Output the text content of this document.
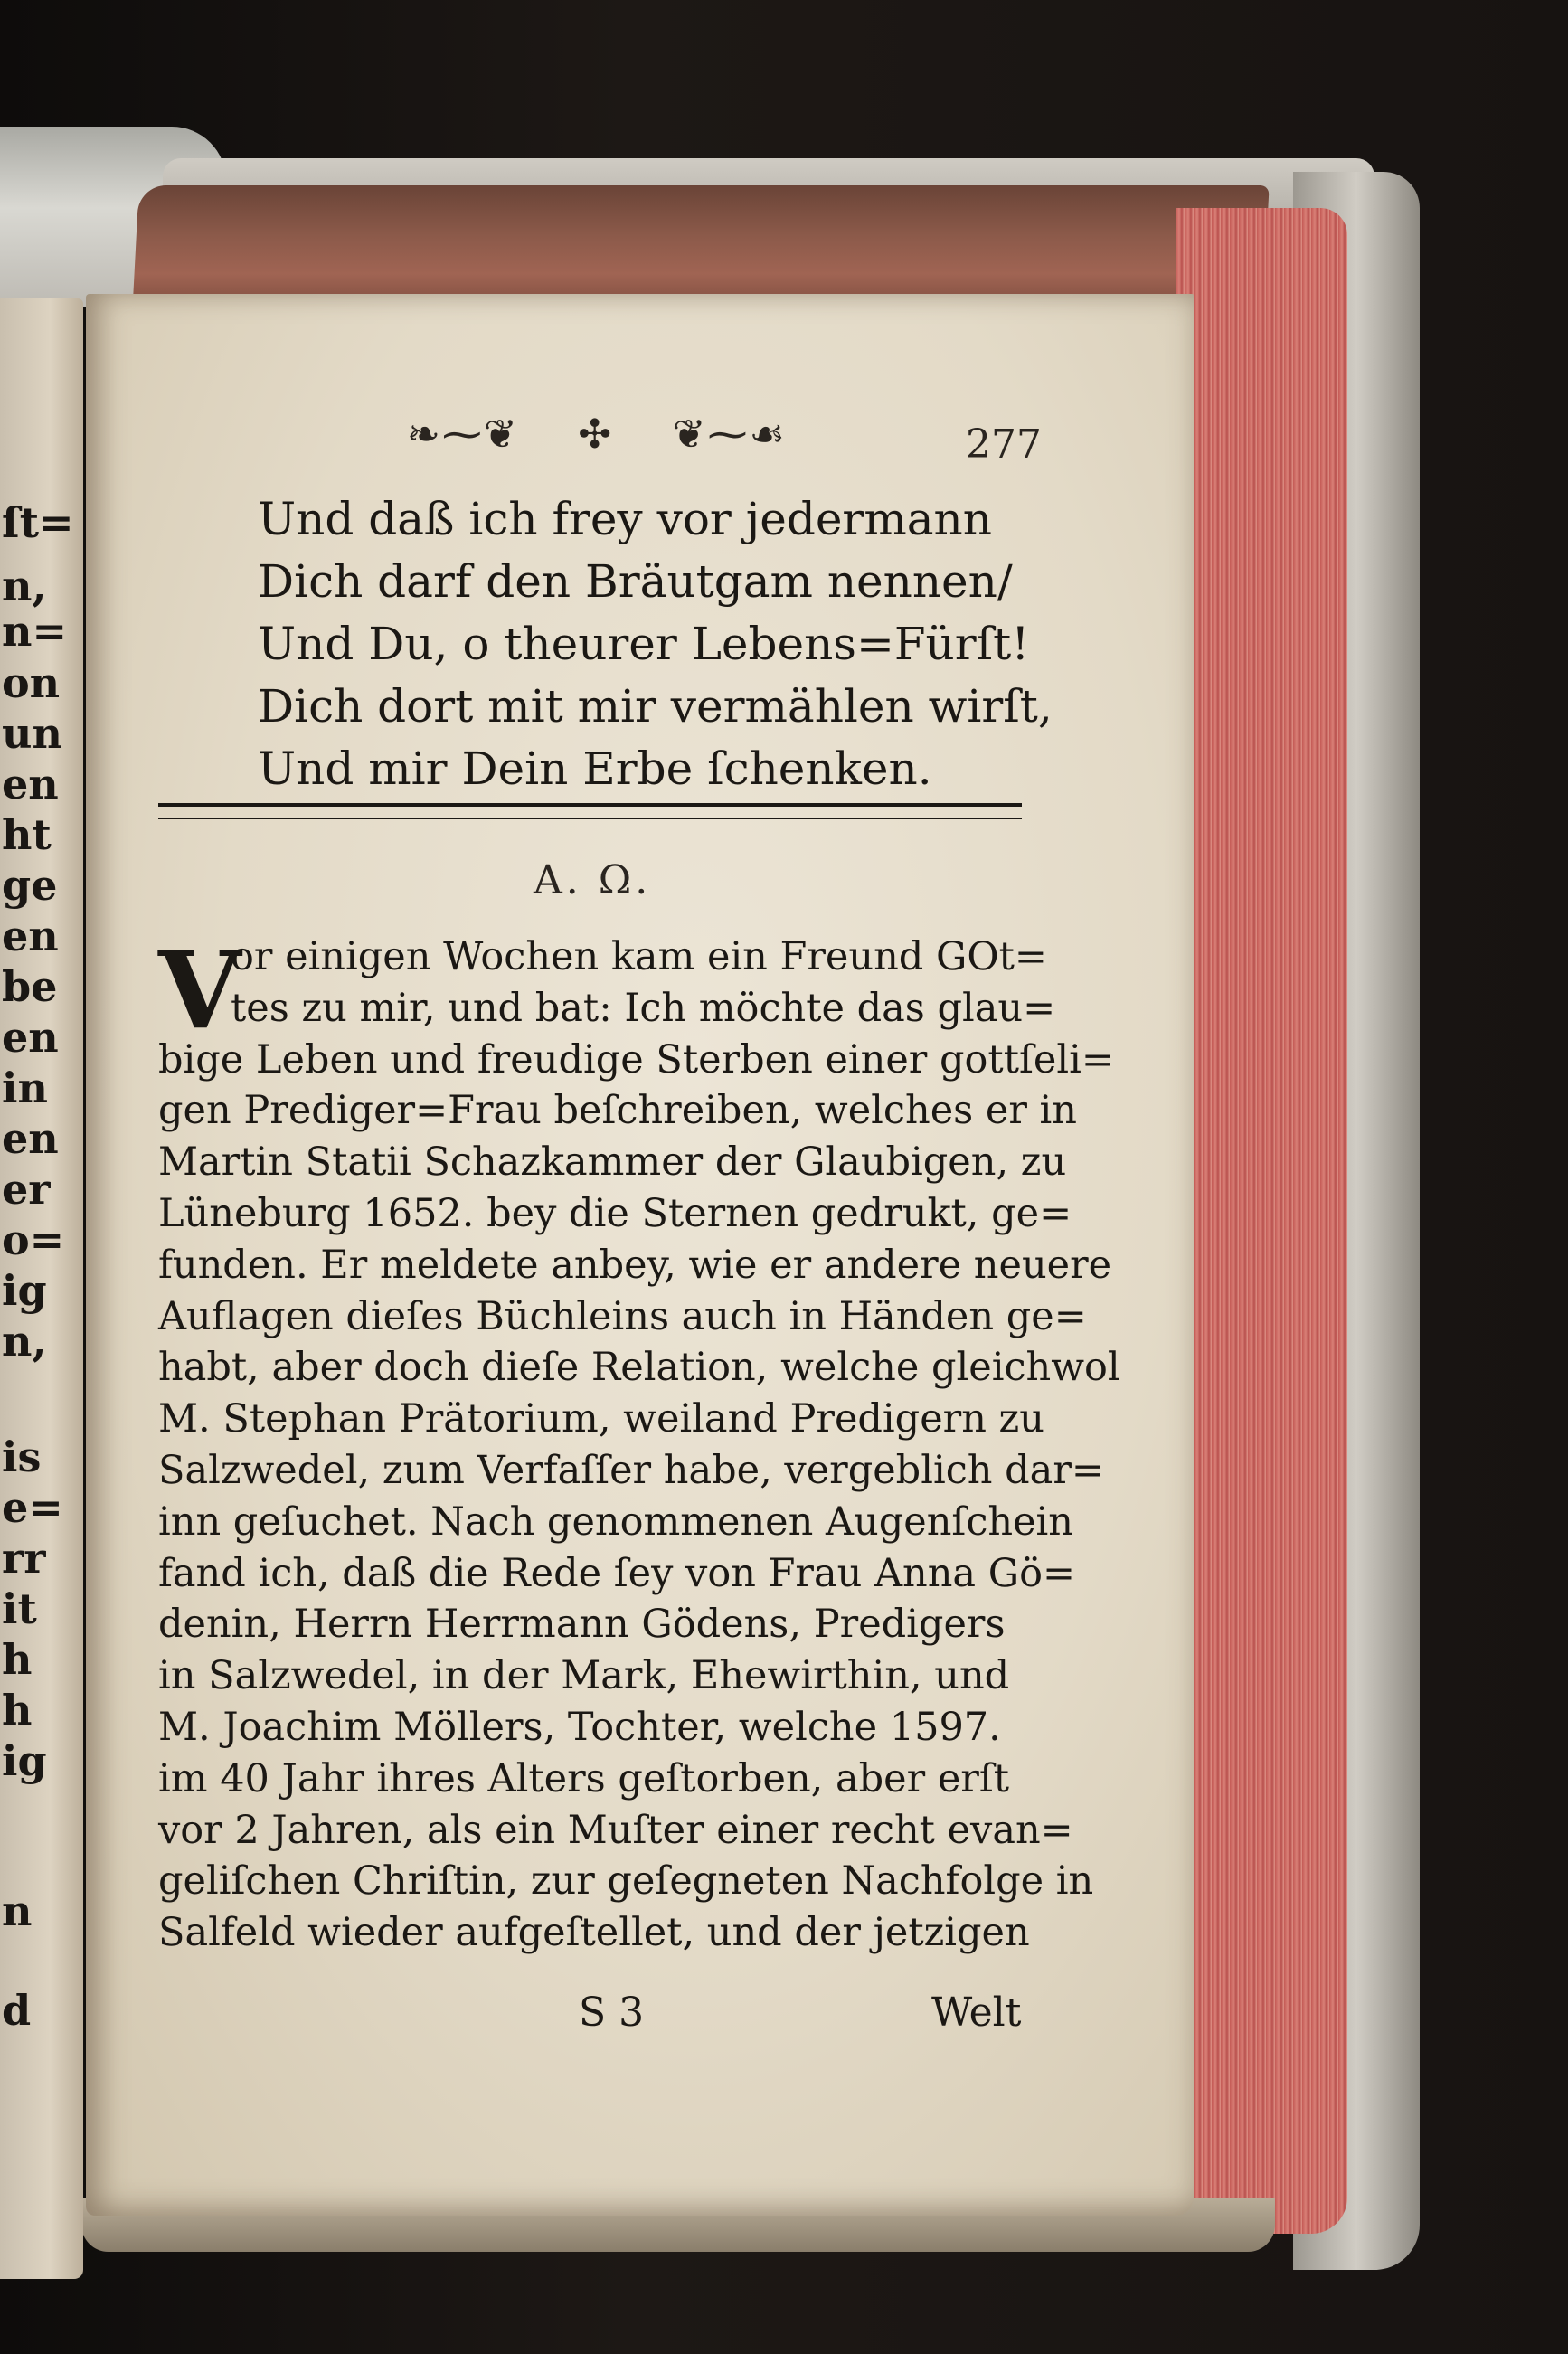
ſt=
n,
n=
on
un
en
ht
ge
en
be
en
in
en
er
o=
ig
n,
is
e=
rr
it
h
h
ig
n
d
❧⁓❦ ✣ ❦⁓☙	277
Und daß ich frey vor jedermann
Dich darf den Bräutgam nennen/
Und Du, o theurer Lebens=Fürſt!
Dich dort mit mir vermählen wirſt,
Und mir Dein Erbe ſchenken.
A. Ω.
V
or einigen Wochen kam ein Freund GOt=
tes zu mir, und bat: Ich möchte das glau=
bige Leben und freudige Sterben einer gottſeli=
gen Prediger=Frau beſchreiben, welches er in
Martin Statii Schazkammer der Glaubigen, zu
Lüneburg 1652. bey die Sternen gedrukt, ge=
funden. Er meldete anbey, wie er andere neuere
Auflagen dieſes Büchleins auch in Händen ge=
habt, aber doch dieſe Relation, welche gleichwol
M. Stephan Prätorium, weiland Predigern zu
Salzwedel, zum Verfaſſer habe, vergeblich dar=
inn geſuchet. Nach genommenen Augenſchein
fand ich, daß die Rede ſey von Frau Anna Gö=
denin, Herrn Herrmann Gödens, Predigers
in Salzwedel, in der Mark, Ehewirthin, und
M. Joachim Möllers, Tochter, welche 1597.
im 40 Jahr ihres Alters geſtorben, aber erſt
vor 2 Jahren, als ein Muſter einer recht evan=
geliſchen Chriſtin, zur geſegneten Nachfolge in
Salfeld wieder aufgeſtellet, und der jetzigen
S 3	Welt
